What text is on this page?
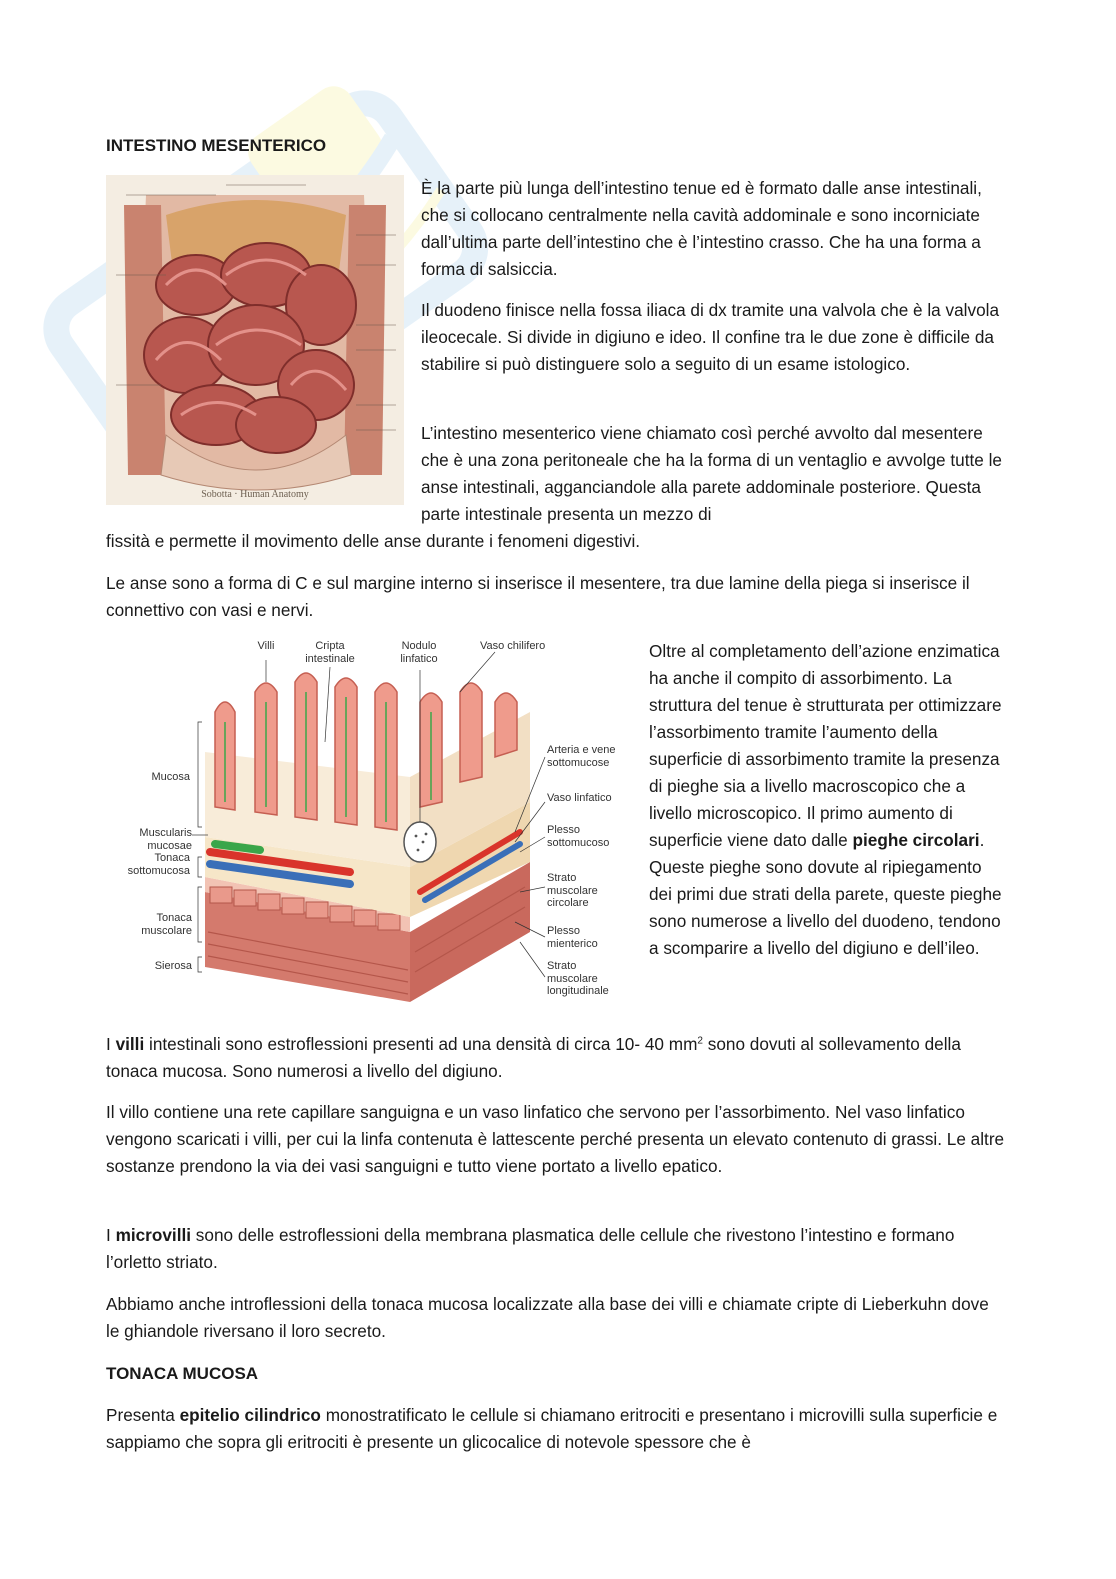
INTESTINO MESENTERICO

Sobotta · Human Anatomy

È la parte più lunga dell’intestino tenue ed è formato dalle anse intestinali, che si collocano centralmente nella cavità addominale e sono incorniciate dall’ultima parte dell’intestino che è l’intestino crasso. Che ha una forma a forma di salsiccia.

Il duodeno finisce nella fossa iliaca di dx tramite una valvola che è la valvola ileocecale. Si divide in digiuno e ideo. Il confine tra le due zone è difficile da stabilire si può distinguere solo a seguito di un esame istologico.

L’intestino mesenterico viene chiamato così perché avvolto dal mesentere che è una zona peritoneale che ha la forma di un ventaglio e avvolge tutte le anse intestinali, agganciandole alla parete addominale posteriore. Questa parte intestinale presenta un mezzo di

fissità e permette il movimento delle anse durante i fenomeni digestivi.

Le anse sono a forma di C e sul margine interno si inserisce il mesentere, tra due lamine della piega si inserisce il connettivo con vasi e nervi.

Villi	Cripta intestinale
Nodulo linfatico
Vaso chilifero
Mucosa
Muscularis mucosae
Tonaca sottomucosa
Tonaca muscolare
Sierosa
Arteria e vene sottomucose
Vaso linfatico
Plesso sottomucoso
Strato muscolare circolare
Plesso mienterico
Strato muscolare longitudinale

Oltre al completamento dell’azione enzimatica ha anche il compito di assorbimento. La struttura del tenue è strutturata per ottimizzare l’assorbimento tramite l’aumento della superficie di assorbimento tramite la presenza di pieghe sia a livello macroscopico che a livello microscopico. Il primo aumento di superficie viene dato dalle pieghe circolari. Queste pieghe sono dovute al ripiegamento dei primi due strati della parete, queste pieghe sono numerose a livello del duodeno, tendono a scomparire a livello del digiuno e dell’ileo.

I villi intestinali sono estroflessioni presenti ad una densità di circa 10- 40 $mm^2$ sono dovuti al sollevamento della tonaca mucosa. Sono numerosi a livello del digiuno.

Il villo contiene una rete capillare sanguigna e un vaso linfatico che servono per l’assorbimento. Nel vaso linfatico vengono scaricati i villi, per cui la linfa contenuta è lattescente perché presenta un elevato contenuto di grassi. Le altre sostanze prendono la via dei vasi sanguigni e tutto viene portato a livello epatico.

I microvilli sono delle estroflessioni della membrana plasmatica delle cellule che rivestono l’intestino e formano l’orletto striato.

Abbiamo anche introflessioni della tonaca mucosa localizzate alla base dei villi e chiamate cripte di Lieberkuhn dove le ghiandole riversano il loro secreto.

TONACA MUCOSA

Presenta epitelio cilindrico monostratificato le cellule si chiamano eritrociti e presentano i microvilli sulla superficie e sappiamo che sopra gli eritrociti è presente un glicocalice di notevole spessore che è
